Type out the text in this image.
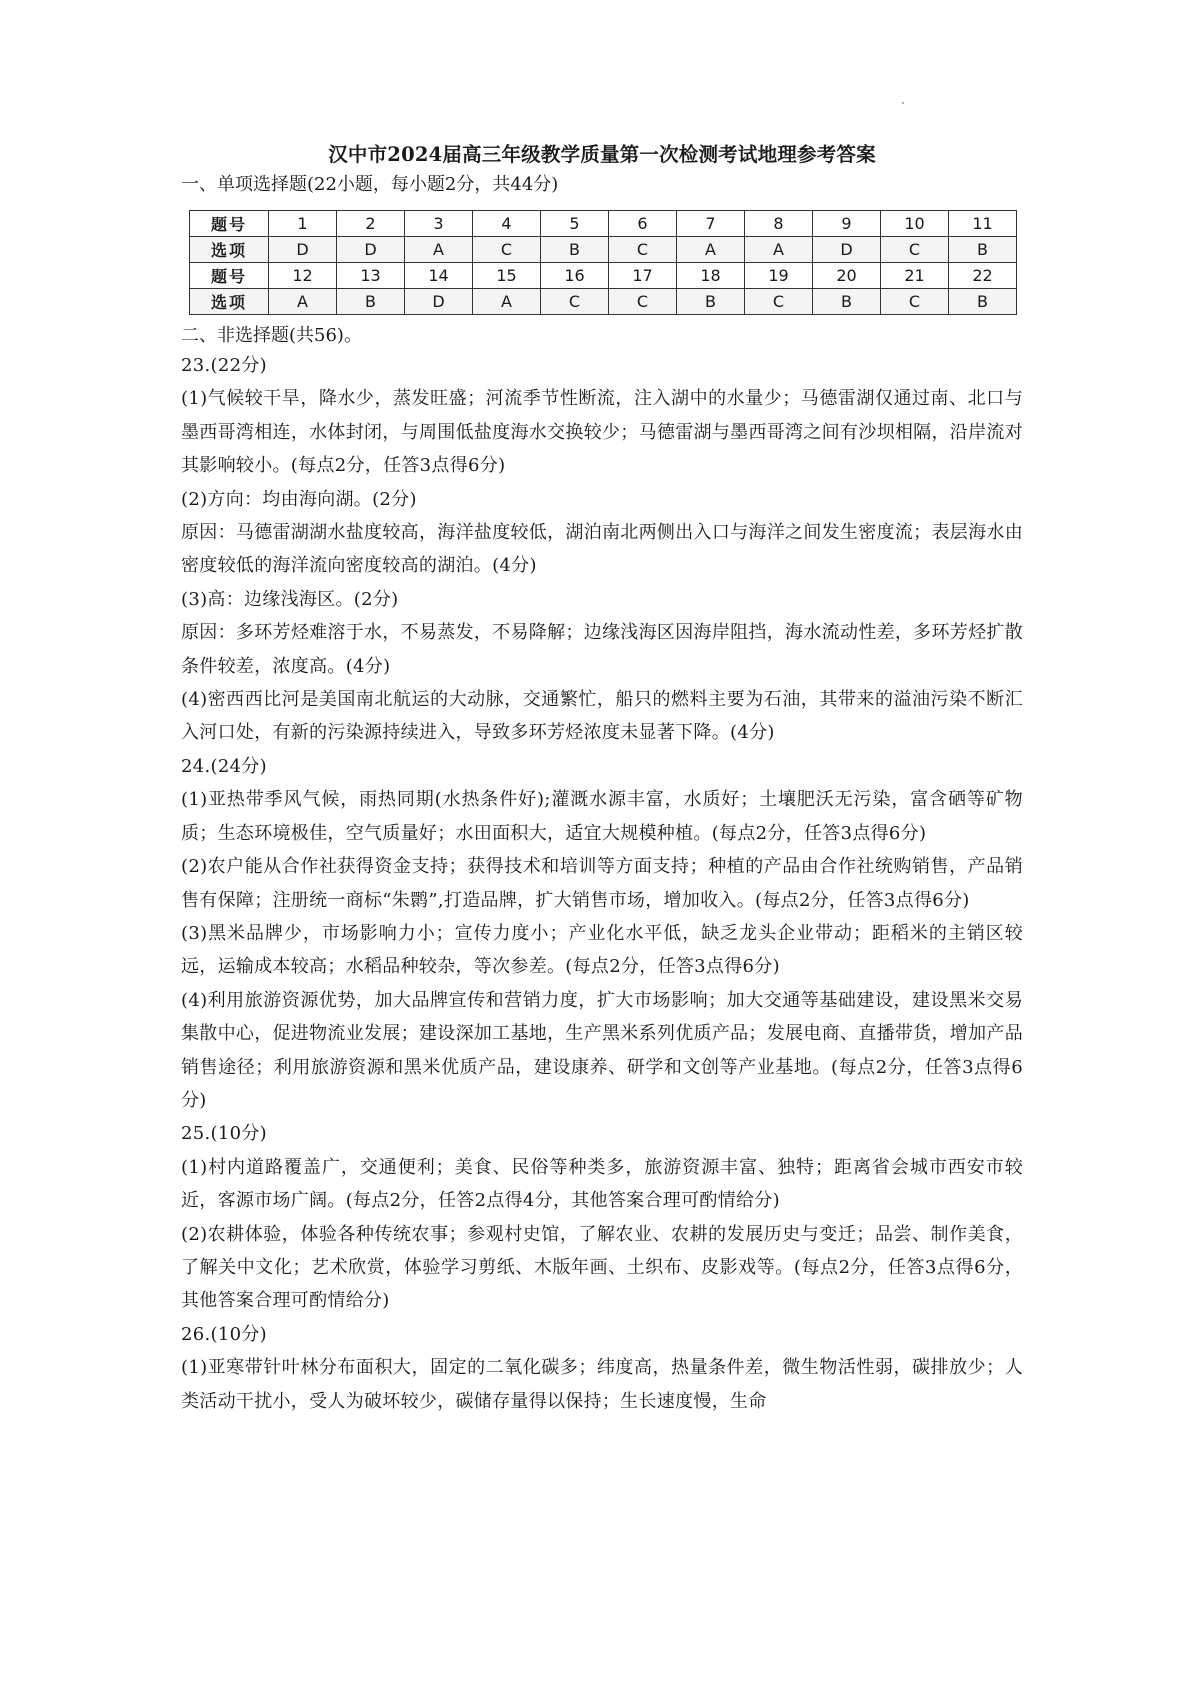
汉中市2024届高三年级教学质量第一次检测考试地理参考答案

一、单项选择题(22小题，每小题2分，共44分)

题号	1	2	3	4	5	6	7	8	9	10	11
选项	D	D	A	C	B	C	A	A	D	C	B
题号	12	13	14	15	16	17	18	19	20	21	22
选项	A	B	D	A	C	C	B	C	B	C	B

二、非选择题(共56)。

23.(22分)

(1)气候较干旱，降水少，蒸发旺盛；河流季节性断流，注入湖中的水量少；马德雷湖仅通过南、北口与墨西哥湾相连，水体封闭，与周围低盐度海水交换较少；马德雷湖与墨西哥湾之间有沙坝相隔，沿岸流对其影响较小。(每点2分，任答3点得6分)

(2)方向：均由海向湖。(2分)

原因：马德雷湖湖水盐度较高，海洋盐度较低，湖泊南北两侧出入口与海洋之间发生密度流；表层海水由密度较低的海洋流向密度较高的湖泊。(4分)

(3)高：边缘浅海区。(2分)

原因：多环芳烃难溶于水，不易蒸发，不易降解；边缘浅海区因海岸阻挡，海水流动性差，多环芳烃扩散条件较差，浓度高。(4分)

(4)密西西比河是美国南北航运的大动脉，交通繁忙，船只的燃料主要为石油，其带来的溢油污染不断汇入河口处，有新的污染源持续进入，导致多环芳烃浓度未显著下降。(4分)

24.(24分)

(1)亚热带季风气候，雨热同期(水热条件好);灌溉水源丰富，水质好；土壤肥沃无污染，富含硒等矿物质；生态环境极佳，空气质量好；水田面积大，适宜大规模种植。(每点2分，任答3点得6分)

(2)农户能从合作社获得资金支持；获得技术和培训等方面支持；种植的产品由合作社统购销售，产品销售有保障；注册统一商标“朱鹮”,打造品牌，扩大销售市场，增加收入。(每点2分，任答3点得6分)

(3)黑米品牌少，市场影响力小；宣传力度小；产业化水平低，缺乏龙头企业带动；距稻米的主销区较远，运输成本较高；水稻品种较杂，等次参差。(每点2分，任答3点得6分)

(4)利用旅游资源优势，加大品牌宣传和营销力度，扩大市场影响；加大交通等基础建设，建设黑米交易集散中心，促进物流业发展；建设深加工基地，生产黑米系列优质产品；发展电商、直播带货，增加产品销售途径；利用旅游资源和黑米优质产品，建设康养、研学和文创等产业基地。(每点2分，任答3点得6分)

25.(10分)

(1)村内道路覆盖广，交通便利；美食、民俗等种类多，旅游资源丰富、独特；距离省会城市西安市较近，客源市场广阔。(每点2分，任答2点得4分，其他答案合理可酌情给分)

(2)农耕体验，体验各种传统农事；参观村史馆，了解农业、农耕的发展历史与变迁；品尝、制作美食，了解关中文化；艺术欣赏，体验学习剪纸、木版年画、土织布、皮影戏等。(每点2分，任答3点得6分，其他答案合理可酌情给分)

26.(10分)

(1)亚寒带针叶林分布面积大，固定的二氧化碳多；纬度高，热量条件差，微生物活性弱，碳排放少；人类活动干扰小，受人为破坏较少，碳储存量得以保持；生长速度慢，生命
